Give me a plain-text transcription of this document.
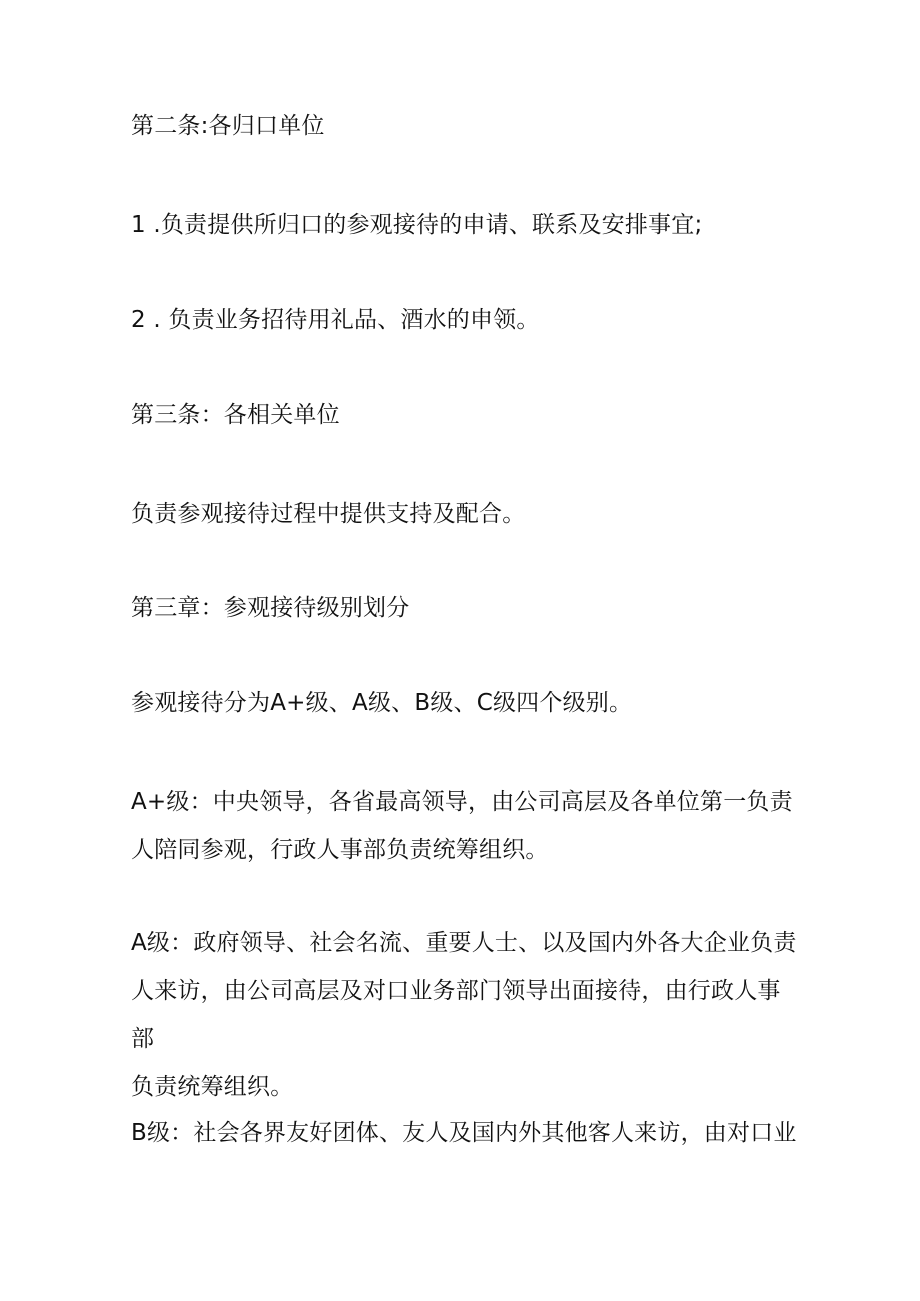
第二条:各归口单位

1 .负责提供所归口的参观接待的申请、联系及安排事宜;

2 . 负责业务招待用礼品、酒水的申领。

第三条：各相关单位

负责参观接待过程中提供支持及配合。

第三章：参观接待级别划分

参观接待分为A+级、A级、B级、C级四个级别。

A+级：中央领导，各省最高领导，由公司高层及各单位第一负责
人陪同参观，行政人事部负责统筹组织。

A级：政府领导、社会名流、重要人士、以及国内外各大企业负责
人来访，由公司高层及对口业务部门领导出面接待，由行政人事部
负责统筹组织。

B级：社会各界友好团体、友人及国内外其他客人来访，由对口业
